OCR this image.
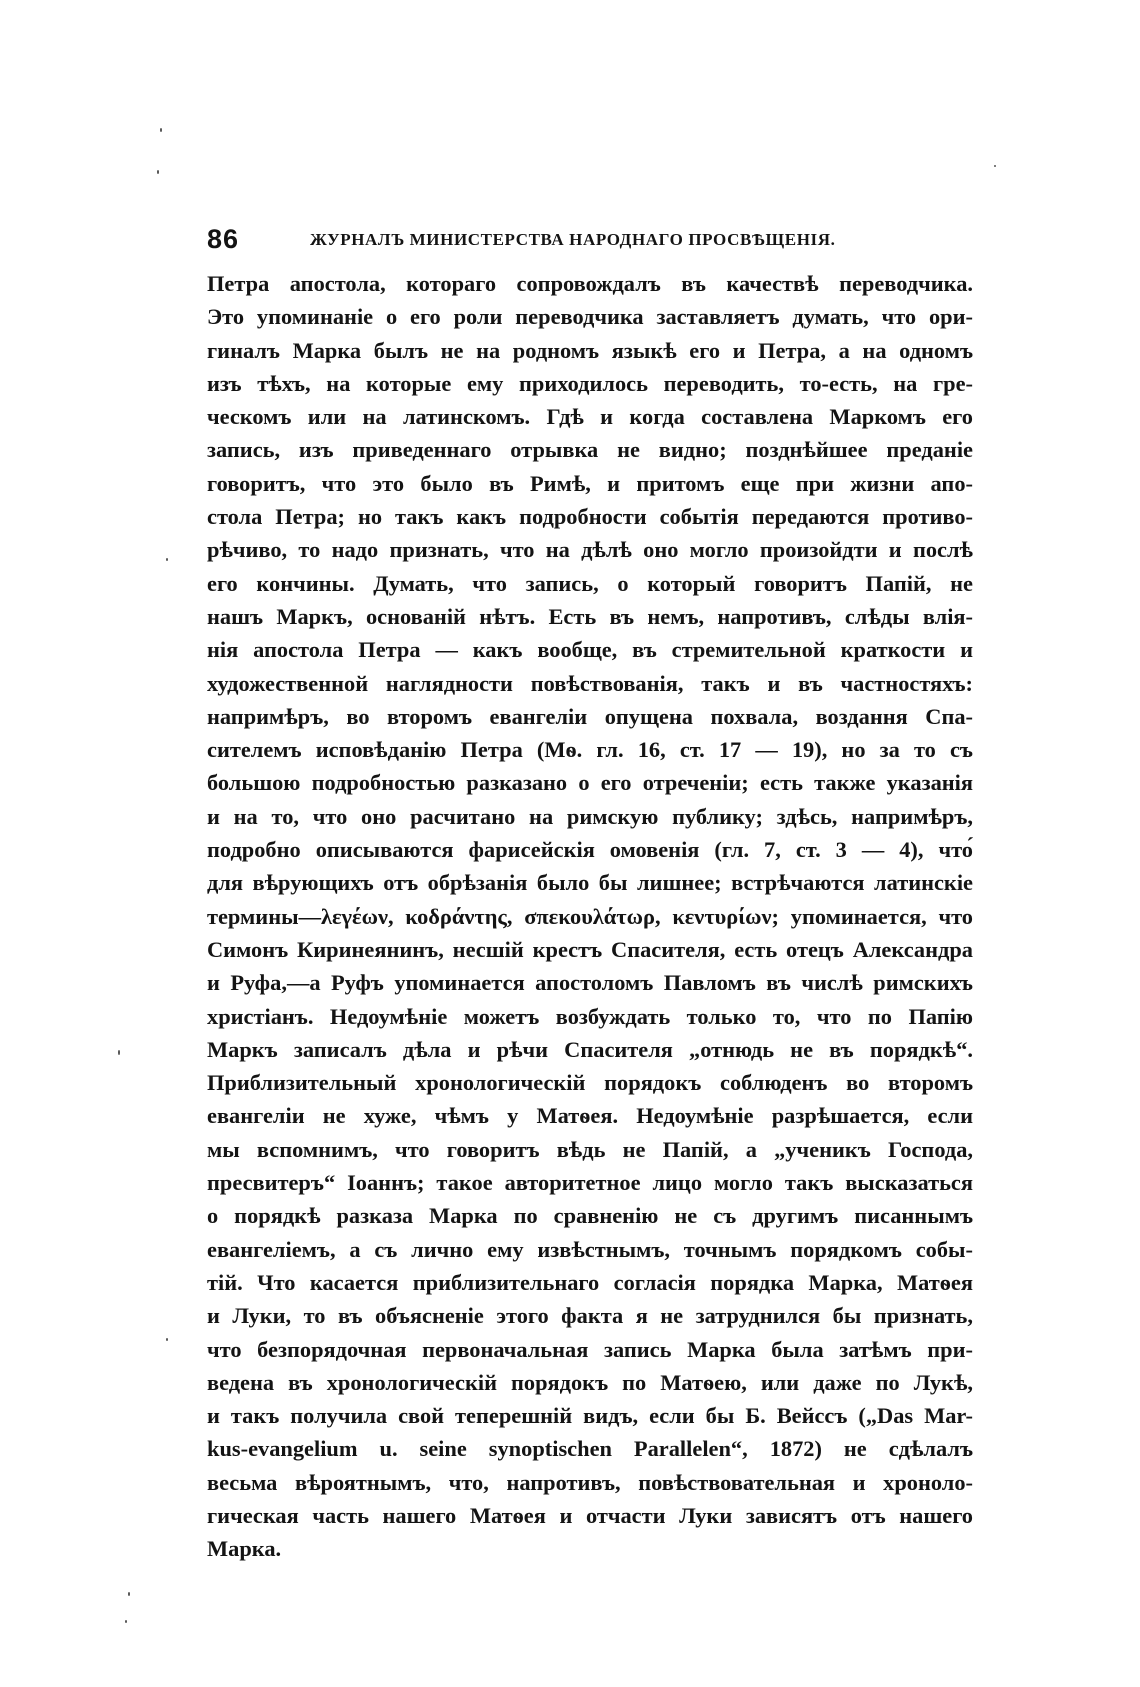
86	ЖУРНАЛЪ МИНИСТЕРСТВА НАРОДНАГО ПРОСВѢЩЕНІЯ.
Петра апостола, котораго сопровождалъ въ качествѣ переводчика.
Это упоминаніе о его роли переводчика заставляетъ думать, что ори-
гиналъ Марка былъ не на родномъ языкѣ его и Петра, а на одномъ
изъ тѣхъ, на которые ему приходилось переводить, то-есть, на гре-
ческомъ или на латинскомъ. Гдѣ и когда составлена Маркомъ его
запись, изъ приведеннаго отрывка не видно; позднѣйшее преданіе
говоритъ, что это было въ Римѣ, и притомъ еще при жизни апо-
стола Петра; но такъ какъ подробности событія передаются противо-
рѣчиво, то надо признать, что на дѣлѣ оно могло произойдти и послѣ
его кончины. Думать, что запись, о который говоритъ Папій, не
нашъ Маркъ, основаній нѣтъ. Есть въ немъ, напротивъ, слѣды влія-
нія апостола Петра — какъ вообще, въ стремительной краткости и
художественной наглядности повѣствованія, такъ и въ частностяхъ:
напримѣръ, во второмъ евангеліи опущена похвала, воздання Спа-
сителемъ исповѣданію Петра (Мѳ. гл. 16, ст. 17 — 19), но за то съ
большою подробностью разказано о его отреченіи; есть также указанія
и на то, что оно расчитано на римскую публику; здѣсь, напримѣръ,
подробно описываются фарисейскія омовенія (гл. 7, ст. 3 — 4), что́
для вѣрующихъ отъ обрѣзанія было бы лишнее; встрѣчаются латинскіе
термины—λεγέων, κοδράντης, σπεκουλάτωρ, κεντυρίων; упоминается, что
Симонъ Киринеянинъ, несшій крестъ Спасителя, есть отецъ Александра
и Руфа,—а Руфъ упоминается апостоломъ Павломъ въ числѣ римскихъ
христіанъ. Недоумѣніе можетъ возбуждать только то, что по Папію
Маркъ записалъ дѣла и рѣчи Спасителя „отнюдь не въ порядкѣ“.
Приблизительный хронологическій порядокъ соблюденъ во второмъ
евангеліи не хуже, чѣмъ у Матѳея. Недоумѣніе разрѣшается, если
мы вспомнимъ, что говоритъ вѣдь не Папій, а „ученикъ Господа,
пресвитеръ“ Іоаннъ; такое авторитетное лицо могло такъ высказаться
о порядкѣ разказа Марка по сравненію не съ другимъ писаннымъ
евангеліемъ, а съ лично ему извѣстнымъ, точнымъ порядкомъ собы-
тій. Что касается приблизительнаго согласія порядка Марка, Матѳея
и Луки, то въ объясненіе этого факта я не затруднился бы признать,
что безпорядочная первоначальная запись Марка была затѣмъ при-
ведена въ хронологическій порядокъ по Матѳею, или даже по Лукѣ,
и такъ получила свой теперешній видъ, если бы Б. Вейссъ („Das Mar-
kus-evangelium u. seine synoptischen Parallelen“, 1872) не сдѣлалъ
весьма вѣроятнымъ, что, напротивъ, повѣствовательная и хроноло-
гическая часть нашего Матѳея и отчасти Луки зависятъ отъ нашего
Марка.
